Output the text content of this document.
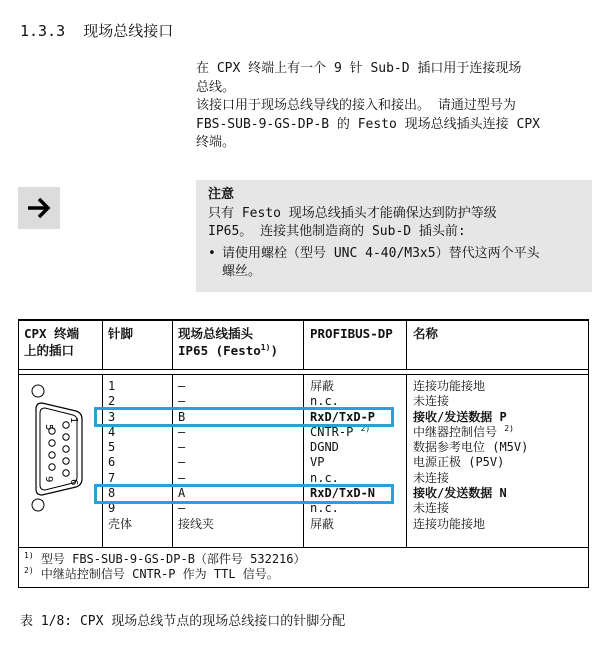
1.3.3 现场总线接口
在 CPX 终端上有一个 9 针 Sub-D 插口用于连接现场
总线。
该接口用于现场总线导线的接入和接出。 请通过型号为
FBS-SUB-9-GS-DP-B 的 Festo 现场总线插头连接 CPX
终端。
注意
只有 Festo 现场总线插头才能确保达到防护等级
IP65。 连接其他制造商的 Sub-D 插头前:
• 请使用螺栓（型号 UNC 4-40/M3x5）替代这两个平头
螺丝。
CPX 终端
上的插口
针脚	现场总线插头
IP65 (Festo$^{1)}$)
PROFIBUS-DP 名称
5
9
1
6
1
2
3
4
5
6
7
8
9
壳体
–
–
B
–
–
–
–
A
–
接线夹
屏蔽
n.c.
RxD/TxD-P
CNTR-P $^{2)}$
DGND
VP
n.c.
RxD/TxD-N
n.c.
屏蔽
连接功能接地
未连接
接收/发送数据 P
中继器控制信号 $^{2)}$
数据参考电位 (M5V)
电源正极 (P5V)
未连接
接收/发送数据 N
未连接
连接功能接地
$^{1)}$ 型号 FBS-SUB-9-GS-DP-B（部件号 532216）
$^{2)}$ 中继站控制信号 CNTR-P 作为 TTL 信号。
表 1/8: CPX 现场总线节点的现场总线接口的针脚分配
